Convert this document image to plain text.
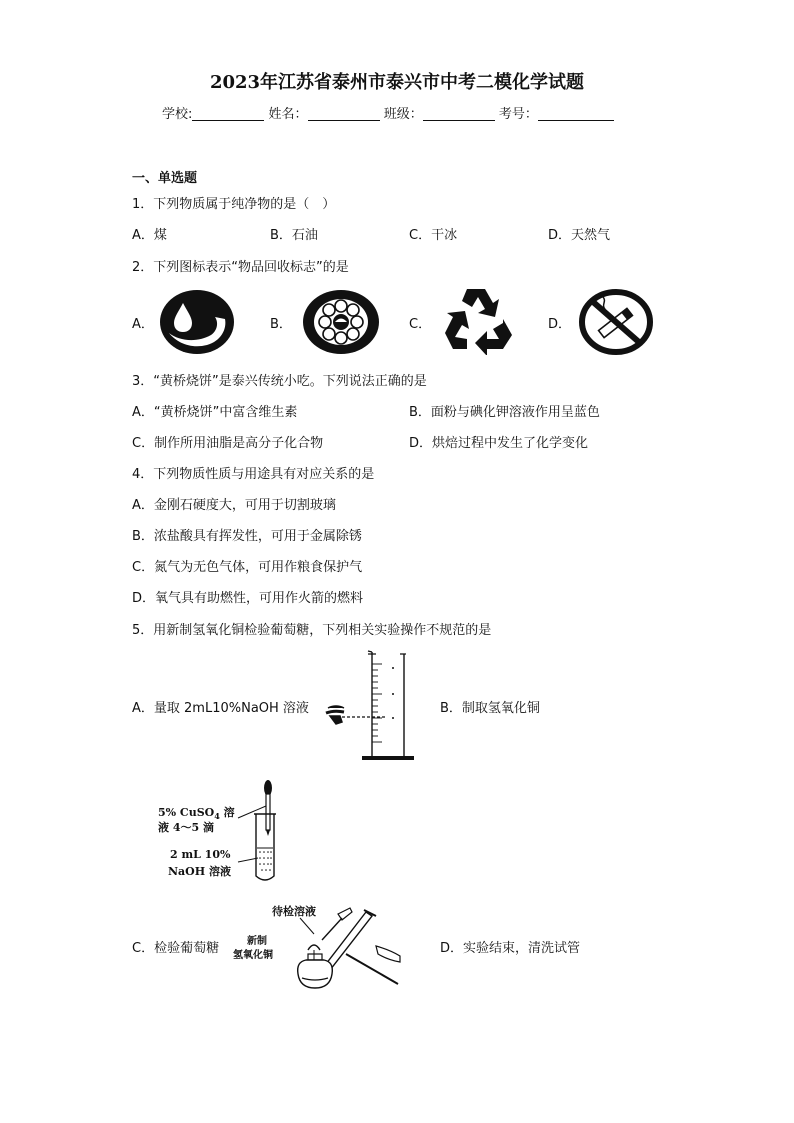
2023年江苏省泰州市泰兴市中考二模化学试题
学校:	姓名：	班级：	考号：
一、单选题
1．下列物质属于纯净物的是（　）
A．煤	B．石油	C．干冰	D．天然气
2．下列图标表示“物品回收标志”的是
A．	B．	C．	D．
3．“黄桥烧饼”是泰兴传统小吃。下列说法正确的是
A．“黄桥烧饼”中富含维生素	B．面粉与碘化钾溶液作用呈蓝色
C．制作所用油脂是高分子化合物	D．烘焙过程中发生了化学变化
4．下列物质性质与用途具有对应关系的是
A．金刚石硬度大，可用于切割玻璃
B．浓盐酸具有挥发性，可用于金属除锈
C．氮气为无色气体，可用作粮食保护气
D．氧气具有助燃性，可用作火箭的燃料
5．用新制氢氧化铜检验葡萄糖，下列相关实验操作不规范的是
A．量取 2mL10%NaOH 溶液	B．制取氢氧化铜
5% CuSO$_4$ 溶
液 4～5 滴
2 mL 10%
NaOH 溶液
待检溶液
新制
氢氧化铜
C．检验葡萄糖	D．实验结束，清洗试管
